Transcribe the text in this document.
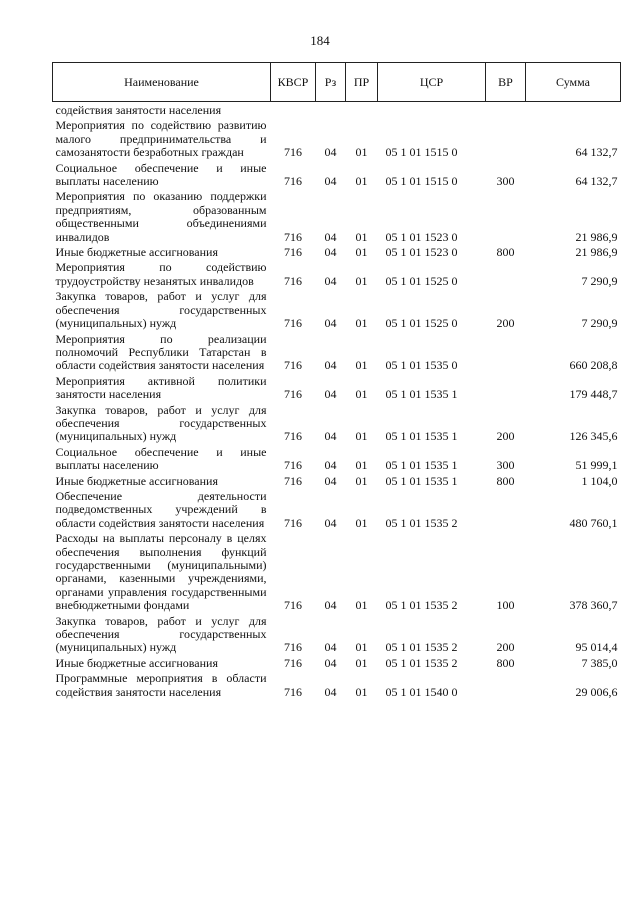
184
Наименование	КВСР	Рз	ПР	ЦСР	ВР	Сумма
содействия занятости населения						
Мероприятия по содействию развитию малого предпринимательства и самозанятости безработных граждан	716	04	01	05 1 01 1515 0		64 132,7
Социальное обеспечение и иные выплаты населению	716	04	01	05 1 01 1515 0	300	64 132,7
Мероприятия по оказанию поддержки предприятиям, образованным общественными объединениями инвалидов	716	04	01	05 1 01 1523 0		21 986,9
Иные бюджетные ассигнования	716	04	01	05 1 01 1523 0	800	21 986,9
Мероприятия по содействию трудоустройству незанятых инвалидов	716	04	01	05 1 01 1525 0		7 290,9
Закупка товаров, работ и услуг для обеспечения государственных (муниципальных) нужд	716	04	01	05 1 01 1525 0	200	7 290,9
Мероприятия по реализации полномочий Республики Татарстан в области содействия занятости населения	716	04	01	05 1 01 1535 0		660 208,8
Мероприятия активной политики занятости населения	716	04	01	05 1 01 1535 1		179 448,7
Закупка товаров, работ и услуг для обеспечения государственных (муниципальных) нужд	716	04	01	05 1 01 1535 1	200	126 345,6
Социальное обеспечение и иные выплаты населению	716	04	01	05 1 01 1535 1	300	51 999,1
Иные бюджетные ассигнования	716	04	01	05 1 01 1535 1	800	1 104,0
Обеспечение деятельности подведомственных учреждений в области содействия занятости населения	716	04	01	05 1 01 1535 2		480 760,1
Расходы на выплаты персоналу в целях обеспечения выполнения функций государственными (муниципальными) органами, казенными учреждениями, органами управления государственными внебюджетными фондами	716	04	01	05 1 01 1535 2	100	378 360,7
Закупка товаров, работ и услуг для обеспечения государственных (муниципальных) нужд	716	04	01	05 1 01 1535 2	200	95 014,4
Иные бюджетные ассигнования	716	04	01	05 1 01 1535 2	800	7 385,0
Программные мероприятия в области содействия занятости населения	716	04	01	05 1 01 1540 0		29 006,6
